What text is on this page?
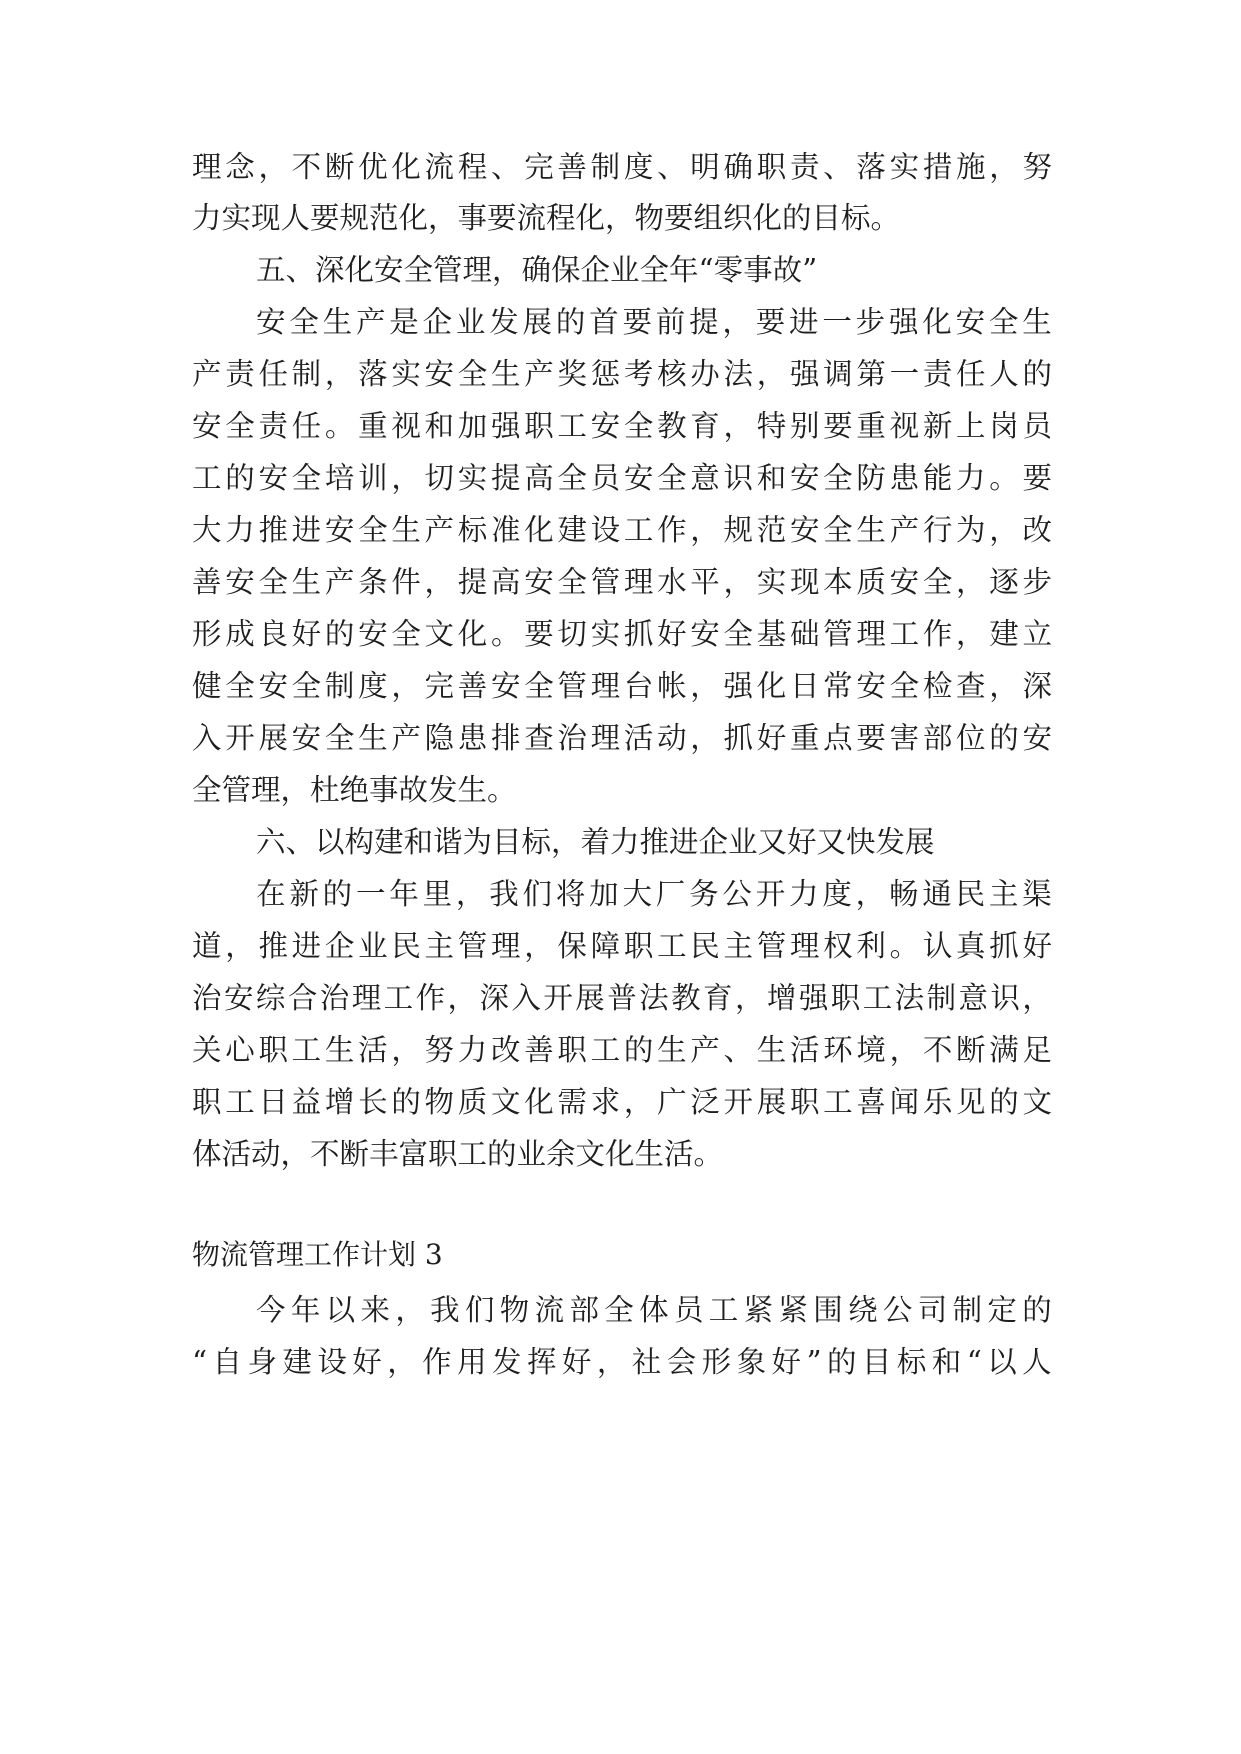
理 念 ， 不 断 优 化 流 程 、 完 善 制 度 、 明 确 职 责 、 落 实 措 施 ， 努
力实现人要规范化，事要流程化，物要组织化的目标。
五、深化安全管理，确保企业全年“零事故”
安 全 生 产 是 企 业 发 展 的 首 要 前 提 ， 要 进 一 步 强 化 安 全 生
产 责 任 制 ， 落 实 安 全 生 产 奖 惩 考 核 办 法 ， 强 调 第 一 责 任 人 的
安 全 责 任 。 重 视 和 加 强 职 工 安 全 教 育 ， 特 别 要 重 视 新 上 岗 员
工 的 安 全 培 训 ， 切 实 提 高 全 员 安 全 意 识 和 安 全 防 患 能 力 。 要
大 力 推 进 安 全 生 产 标 准 化 建 设 工 作 ， 规 范 安 全 生 产 行 为 ， 改
善 安 全 生 产 条 件 ， 提 高 安 全 管 理 水 平 ， 实 现 本 质 安 全 ， 逐 步
形 成 良 好 的 安 全 文 化 。 要 切 实 抓 好 安 全 基 础 管 理 工 作 ， 建 立
健 全 安 全 制 度 ， 完 善 安 全 管 理 台 帐 ， 强 化 日 常 安 全 检 查 ， 深
入 开 展 安 全 生 产 隐 患 排 查 治 理 活 动 ， 抓 好 重 点 要 害 部 位 的 安
全管理，杜绝事故发生。
六、以构建和谐为目标，着力推进企业又好又快发展
在 新 的 一 年 里 ， 我 们 将 加 大 厂 务 公 开 力 度 ， 畅 通 民 主 渠
道 ， 推 进 企 业 民 主 管 理 ， 保 障 职 工 民 主 管 理 权 利 。 认 真 抓 好
治 安 综 合 治 理 工 作 ， 深 入 开 展 普 法 教 育 ， 增 强 职 工 法 制 意 识 ，
关 心 职 工 生 活 ， 努 力 改 善 职 工 的 生 产 、 生 活 环 境 ， 不 断 满 足
职 工 日 益 增 长 的 物 质 文 化 需 求 ， 广 泛 开 展 职 工 喜 闻 乐 见 的 文
体活动，不断丰富职工的业余文化生活。
物流管理工作计划 3
今 年 以 来 ， 我 们 物 流 部 全 体 员 工 紧 紧 围 绕 公 司 制 定 的
“ 自 身 建 设 好 ， 作 用 发 挥 好 ， 社 会 形 象 好 ” 的 目 标 和 “ 以 人
